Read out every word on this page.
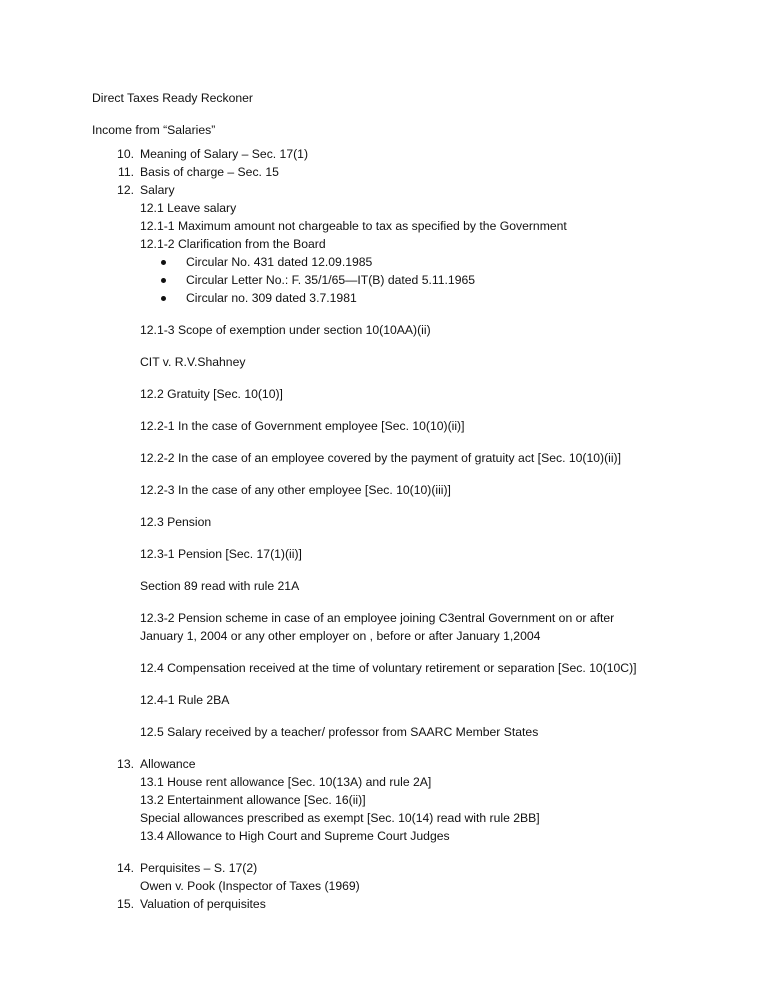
Direct Taxes Ready Reckoner
Income from “Salaries”
10. Meaning of Salary – Sec. 17(1)
11. Basis of charge – Sec. 15
12. Salary
12.1 Leave salary
12.1-1 Maximum amount not chargeable to tax as specified by the Government
12.1-2 Clarification from the Board
Circular No. 431 dated 12.09.1985
Circular Letter No.: F. 35/1/65—IT(B) dated 5.11.1965
Circular no. 309 dated 3.7.1981
12.1-3 Scope of exemption under section 10(10AA)(ii)
CIT v. R.V.Shahney
12.2 Gratuity [Sec. 10(10)]
12.2-1 In the case of Government employee [Sec. 10(10)(ii)]
12.2-2 In the case of an employee covered by the payment of gratuity act [Sec. 10(10)(ii)]
12.2-3 In the case of any other employee [Sec. 10(10)(iii)]
12.3 Pension
12.3-1 Pension [Sec. 17(1)(ii)]
Section 89 read with rule 21A
12.3-2 Pension scheme in case of an employee joining C3entral Government on or after
January 1, 2004 or any other employer on , before or after January 1,2004
12.4 Compensation received at the time of voluntary retirement or separation [Sec. 10(10C)]
12.4-1 Rule 2BA
12.5 Salary received by a teacher/ professor from SAARC Member States
13. Allowance
13.1 House rent allowance [Sec. 10(13A) and rule 2A]
13.2 Entertainment allowance [Sec. 16(ii)]
Special allowances prescribed as exempt [Sec. 10(14) read with rule 2BB]
13.4 Allowance to High Court and Supreme Court Judges
14. Perquisites – S. 17(2)
Owen v. Pook (Inspector of Taxes (1969)
15. Valuation of perquisites
